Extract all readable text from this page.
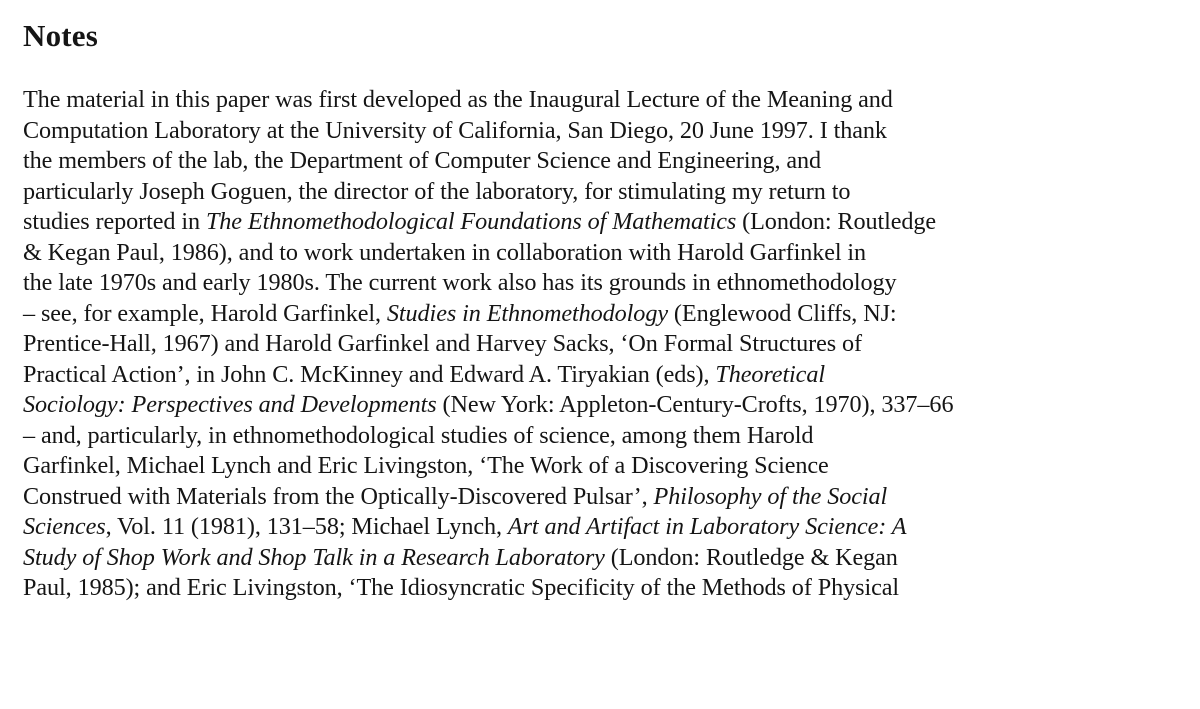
Notes
The material in this paper was first developed as the Inaugural Lecture of the Meaning and
Computation Laboratory at the University of California, San Diego, 20 June 1997. I thank
the members of the lab, the Department of Computer Science and Engineering, and
particularly Joseph Goguen, the director of the laboratory, for stimulating my return to
studies reported in The Ethnomethodological Foundations of Mathematics (London: Routledge
& Kegan Paul, 1986), and to work undertaken in collaboration with Harold Garfinkel in
the late 1970s and early 1980s. The current work also has its grounds in ethnomethodology
– see, for example, Harold Garfinkel, Studies in Ethnomethodology (Englewood Cliffs, NJ:
Prentice-Hall, 1967) and Harold Garfinkel and Harvey Sacks, ‘On Formal Structures of
Practical Action’, in John C. McKinney and Edward A. Tiryakian (eds), Theoretical
Sociology: Perspectives and Developments (New York: Appleton-Century-Crofts, 1970), 337–66
– and, particularly, in ethnomethodological studies of science, among them Harold
Garfinkel, Michael Lynch and Eric Livingston, ‘The Work of a Discovering Science
Construed with Materials from the Optically-Discovered Pulsar’, Philosophy of the Social
Sciences, Vol. 11 (1981), 131–58; Michael Lynch, Art and Artifact in Laboratory Science: A
Study of Shop Work and Shop Talk in a Research Laboratory (London: Routledge & Kegan
Paul, 1985); and Eric Livingston, ‘The Idiosyncratic Specificity of the Methods of Physical
